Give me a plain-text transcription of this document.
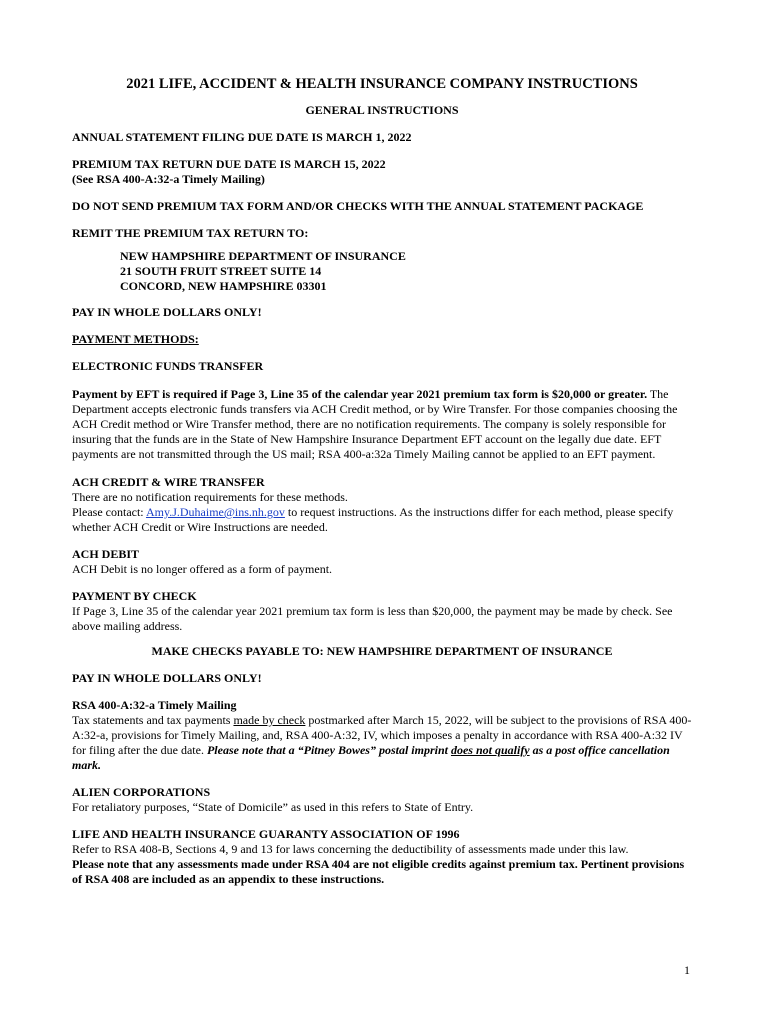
2021 LIFE, ACCIDENT & HEALTH INSURANCE COMPANY INSTRUCTIONS

GENERAL INSTRUCTIONS

ANNUAL STATEMENT FILING DUE DATE IS MARCH 1, 2022

PREMIUM TAX RETURN DUE DATE IS MARCH 15, 2022

(See RSA 400-A:32-a Timely Mailing)

DO NOT SEND PREMIUM TAX FORM AND/OR CHECKS WITH THE ANNUAL STATEMENT PACKAGE

REMIT THE PREMIUM TAX RETURN TO:

NEW HAMPSHIRE DEPARTMENT OF INSURANCE

21 SOUTH FRUIT STREET SUITE 14

CONCORD, NEW HAMPSHIRE 03301

PAY IN WHOLE DOLLARS ONLY!

PAYMENT METHODS:

ELECTRONIC FUNDS TRANSFER

Payment by EFT is required if Page 3, Line 35 of the calendar year 2021 premium tax form is $20,000 or greater. The Department accepts electronic funds transfers via ACH Credit method, or by Wire Transfer. For those companies choosing the ACH Credit method or Wire Transfer method, there are no notification requirements. The company is solely responsible for insuring that the funds are in the State of New Hampshire Insurance Department EFT account on the legally due date. EFT payments are not transmitted through the US mail; RSA 400-a:32a Timely Mailing cannot be applied to an EFT payment.

ACH CREDIT & WIRE TRANSFER

There are no notification requirements for these methods.

Please contact: Amy.J.Duhaime@ins.nh.gov to request instructions. As the instructions differ for each method, please specify whether ACH Credit or Wire Instructions are needed.

ACH DEBIT

ACH Debit is no longer offered as a form of payment.

PAYMENT BY CHECK

If Page 3, Line 35 of the calendar year 2021 premium tax form is less than $20,000, the payment may be made by check. See above mailing address.

MAKE CHECKS PAYABLE TO: NEW HAMPSHIRE DEPARTMENT OF INSURANCE

PAY IN WHOLE DOLLARS ONLY!

RSA 400-A:32-a Timely Mailing

Tax statements and tax payments made by check postmarked after March 15, 2022, will be subject to the provisions of RSA 400-A:32-a, provisions for Timely Mailing, and, RSA 400-A:32, IV, which imposes a penalty in accordance with RSA 400-A:32 IV for filing after the due date. Please note that a “Pitney Bowes” postal imprint does not qualify as a post office cancellation mark.

ALIEN CORPORATIONS

For retaliatory purposes, “State of Domicile” as used in this refers to State of Entry.

LIFE AND HEALTH INSURANCE GUARANTY ASSOCIATION OF 1996

Refer to RSA 408-B, Sections 4, 9 and 13 for laws concerning the deductibility of assessments made under this law.

Please note that any assessments made under RSA 404 are not eligible credits against premium tax. Pertinent provisions of RSA 408 are included as an appendix to these instructions.

1
